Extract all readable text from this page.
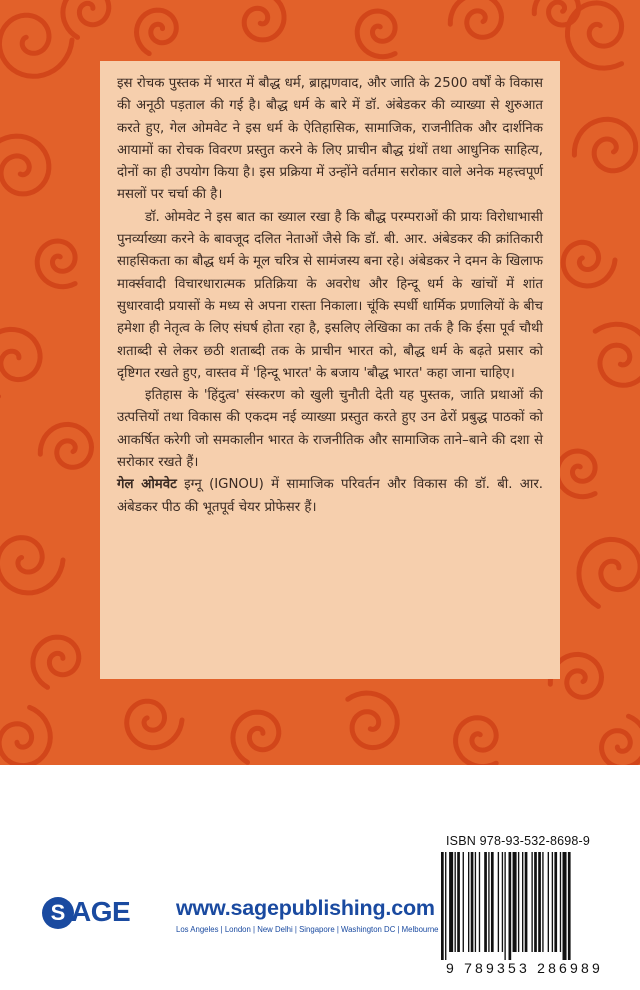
इस रोचक पुस्तक में भारत में बौद्ध धर्म, ब्राह्मणवाद, और जाति के 2500 वर्षों के विकास की अनूठी पड़ताल की गई है। बौद्ध धर्म के बारे में डॉ. अंबेडकर की व्याख्या से शुरुआत करते हुए, गेल ओमवेट ने इस धर्म के ऐतिहासिक, सामाजिक, राजनीतिक और दार्शनिक आयामों का रोचक विवरण प्रस्तुत करने के लिए प्राचीन बौद्ध ग्रंथों तथा आधुनिक साहित्य, दोनों का ही उपयोग किया है। इस प्रक्रिया में उन्होंने वर्तमान सरोकार वाले अनेक महत्त्वपूर्ण मसलों पर चर्चा की है।

डॉ. ओमवेट ने इस बात का ख्याल रखा है कि बौद्ध परम्पराओं की प्रायः विरोधाभासी पुनर्व्याख्या करने के बावजूद दलित नेताओं जैसे कि डॉ. बी. आर. अंबेडकर की क्रांतिकारी साहसिकता का बौद्ध धर्म के मूल चरित्र से सामंजस्य बना रहे। अंबेडकर ने दमन के खिलाफ मार्क्सवादी विचारधारात्मक प्रतिक्रिया के अवरोध और हिन्दू धर्म के खांचों में शांत सुधारवादी प्रयासों के मध्य से अपना रास्ता निकाला। चूंकि स्पर्धी धार्मिक प्रणालियों के बीच हमेशा ही नेतृत्व के लिए संघर्ष होता रहा है, इसलिए लेखिका का तर्क है कि ईसा पूर्व चौथी शताब्दी से लेकर छठी शताब्दी तक के प्राचीन भारत को, बौद्ध धर्म के बढ़ते प्रसार को दृष्टिगत रखते हुए, वास्तव में 'हिन्दू भारत' के बजाय 'बौद्ध भारत' कहा जाना चाहिए।

इतिहास के 'हिंदुत्व' संस्करण को खुली चुनौती देती यह पुस्तक, जाति प्रथाओं की उत्पत्तियों तथा विकास की एकदम नई व्याख्या प्रस्तुत करते हुए उन ढेरों प्रबुद्ध पाठकों को आकर्षित करेगी जो समकालीन भारत के राजनीतिक और सामाजिक ताने–बाने की दशा से सरोकार रखते हैं।

गेल ओमवेट इग्नू (IGNOU) में सामाजिक परिवर्तन और विकास की डॉ. बी. आर. अंबेडकर पीठ की भूतपूर्व चेयर प्रोफेसर हैं।

ISBN 978-93-532-8698-9
9 789353 286989
S AGE www.sagepublishing.com
Los Angeles | London | New Delhi | Singapore | Washington DC | Melbourne
